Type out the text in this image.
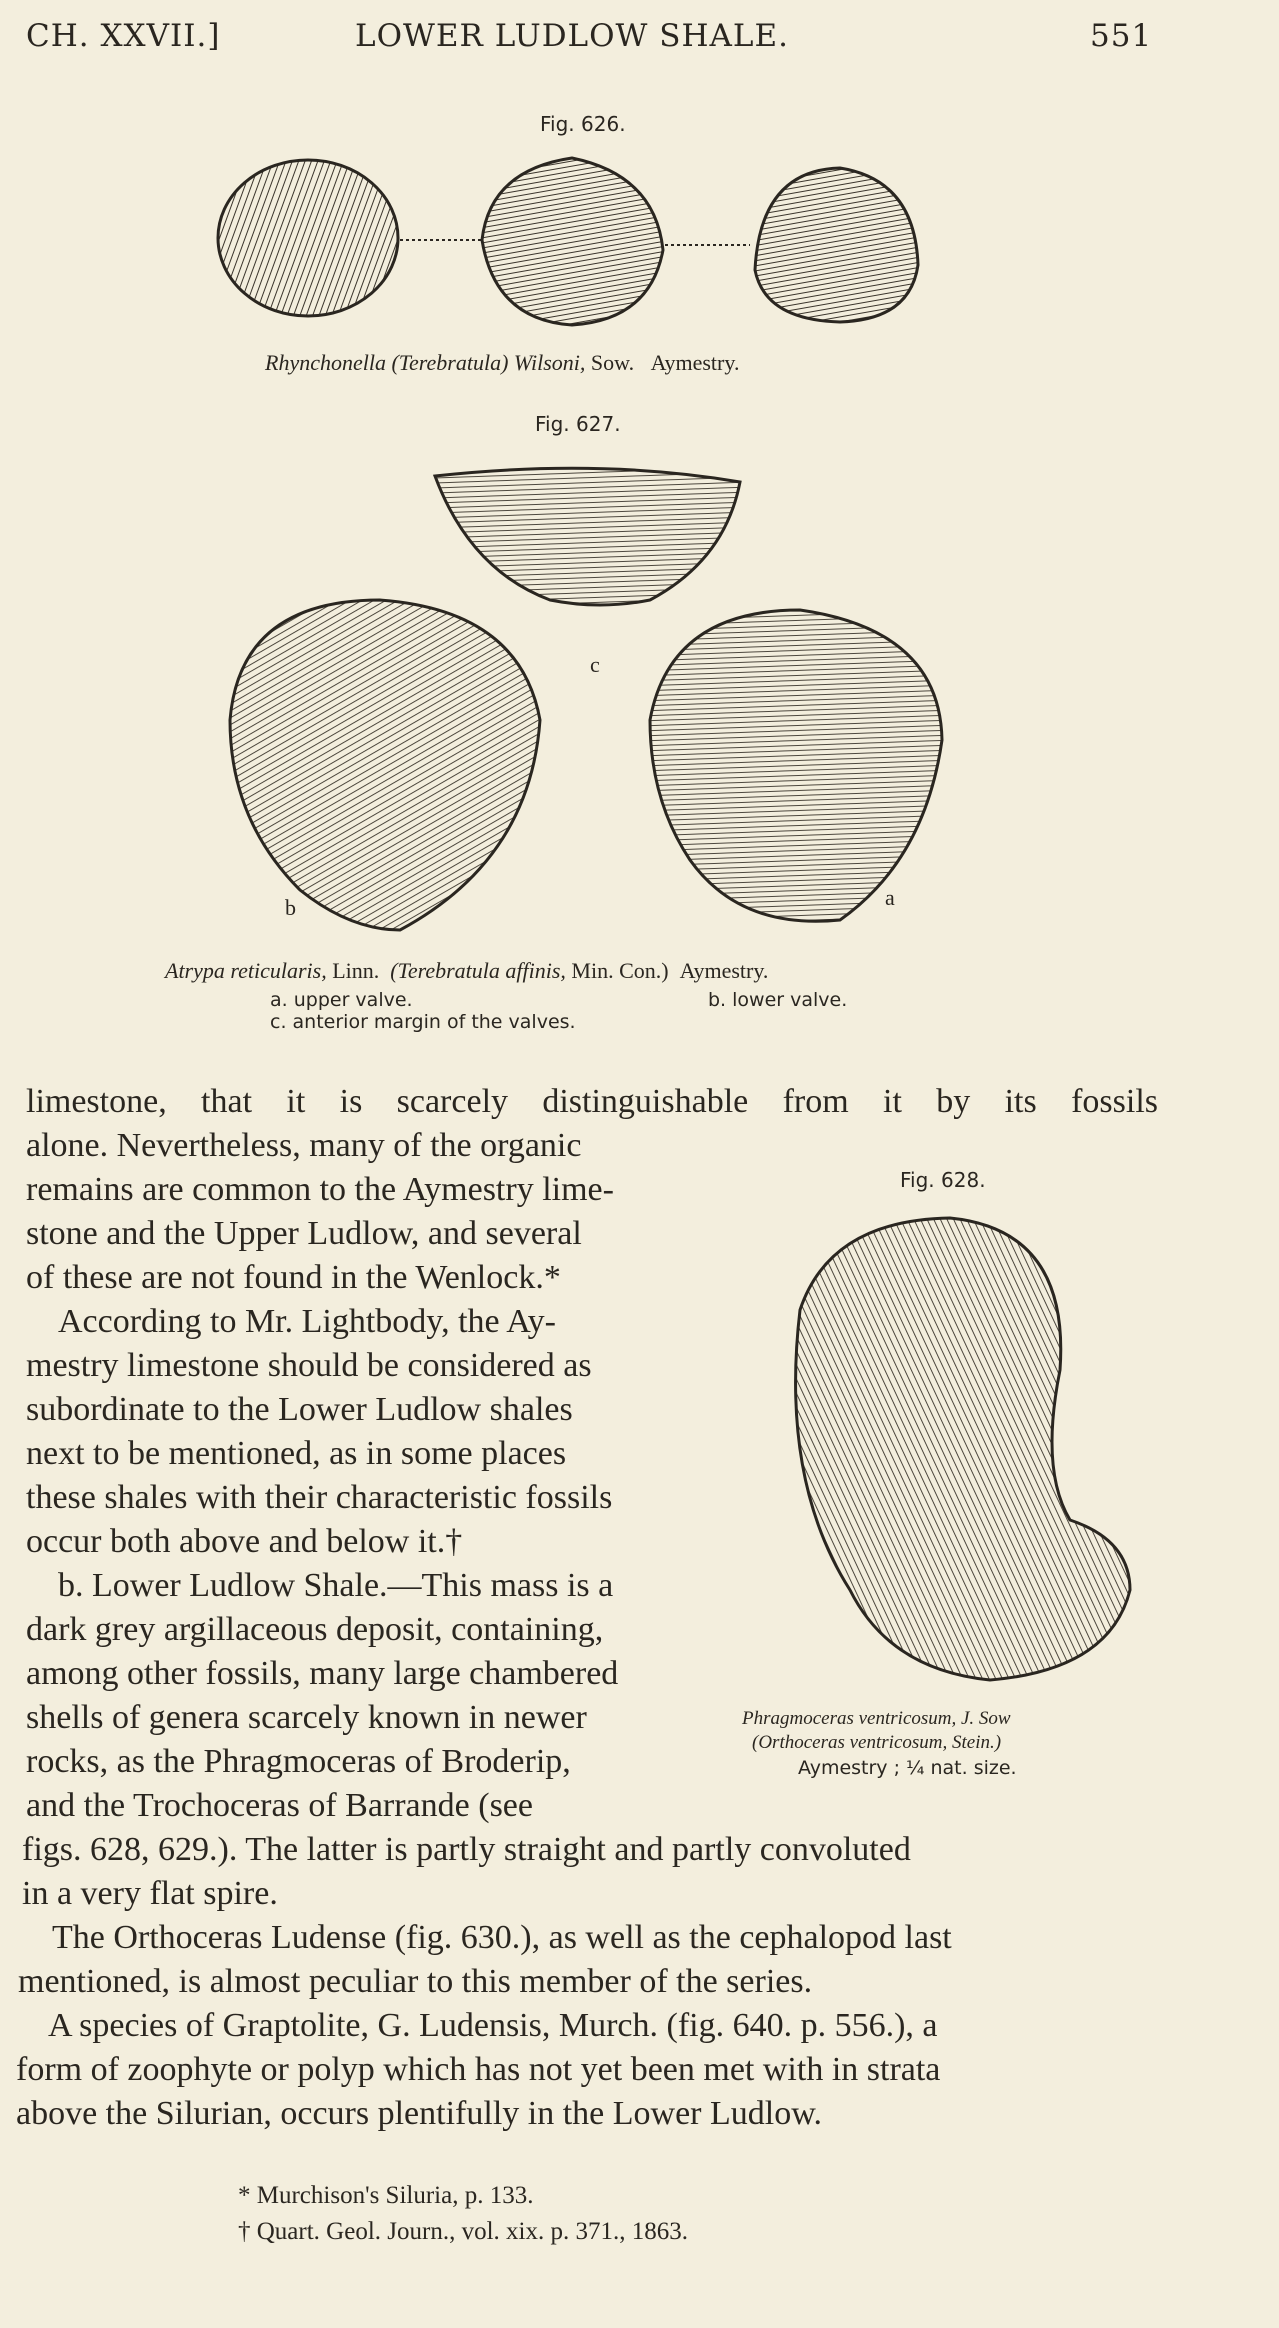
CH. XXVII.]	LOWER LUDLOW SHALE.	551
Fig. 626.
Rhynchonella (Terebratula) Wilsoni, Sow. Aymestry.
Fig. 627.
c
b	a
Atrypa reticularis, Linn. (Terebratula affinis, Min. Con.) Aymestry.
a. upper valve.	b. lower valve.
c. anterior margin of the valves.
Fig. 628.
Phragmoceras ventricosum, J. Sow
(Orthoceras ventricosum, Stein.)
Aymestry ; ¼ nat. size.
limestone, that it is scarcely distinguishable from it by its fossils
alone. Nevertheless, many of the organic
remains are common to the Aymestry lime-
stone and the Upper Ludlow, and several
of these are not found in the Wenlock.*
According to Mr. Lightbody, the Ay-
mestry limestone should be considered as
subordinate to the Lower Ludlow shales
next to be mentioned, as in some places
these shales with their characteristic fossils
occur both above and below it.†
b. Lower Ludlow Shale.—This mass is a
dark grey argillaceous deposit, containing,
among other fossils, many large chambered
shells of genera scarcely known in newer
rocks, as the Phragmoceras of Broderip,
and the Trochoceras of Barrande (see
figs. 628, 629.). The latter is partly straight and partly convoluted
in a very flat spire.
The Orthoceras Ludense (fig. 630.), as well as the cephalopod last
mentioned, is almost peculiar to this member of the series.
A species of Graptolite, G. Ludensis, Murch. (fig. 640. p. 556.), a
form of zoophyte or polyp which has not yet been met with in strata
above the Silurian, occurs plentifully in the Lower Ludlow.
* Murchison's Siluria, p. 133.
† Quart. Geol. Journ., vol. xix. p. 371., 1863.
